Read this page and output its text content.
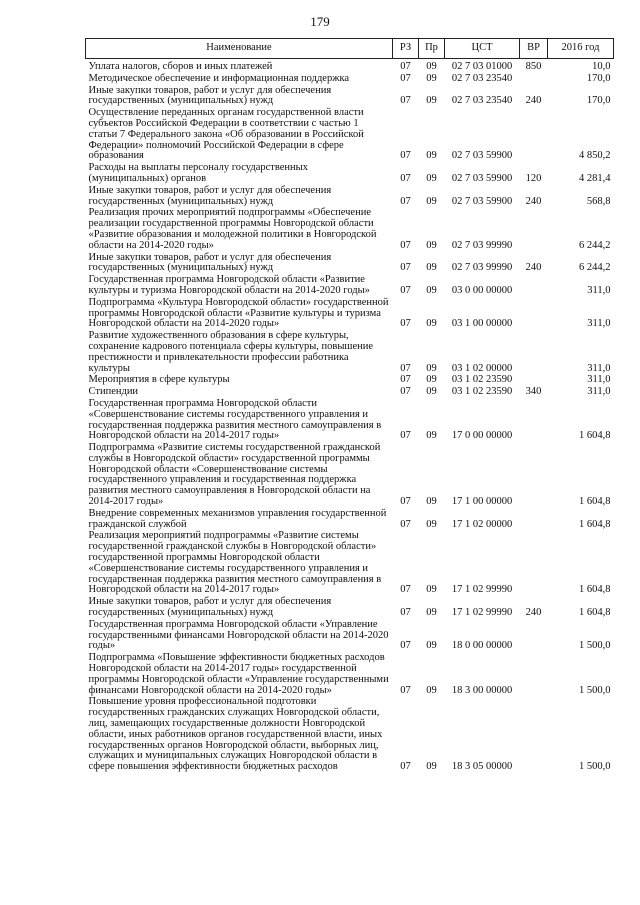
179
Наименование	РЗ	Пр	ЦСТ	ВР	2016 год
Уплата налогов, сборов и иных платежей	07	09	02 7 03 01000	850	10,0
Методическое обеспечение и информационная поддержка	07	09	02 7 03 23540		170,0
Иные закупки товаров, работ и услуг для обеспечения государственных (муниципальных) нужд	07	09	02 7 03 23540	240	170,0
Осуществление переданных органам государственной власти субъектов Российской Федерации в соответствии с частью 1 статьи 7 Федерального закона «Об образовании в Российской Федерации» полномочий Российской Федерации в сфере образования	07	09	02 7 03 59900		4 850,2
Расходы на выплаты персоналу государственных (муниципальных) органов	07	09	02 7 03 59900	120	4 281,4
Иные закупки товаров, работ и услуг для обеспечения государственных (муниципальных) нужд	07	09	02 7 03 59900	240	568,8
Реализация прочих мероприятий подпрограммы «Обеспечение реализации государственной программы Новгородской области «Развитие образования и молодежной политики в Новгородской области на 2014-2020 годы»	07	09	02 7 03 99990		6 244,2
Иные закупки товаров, работ и услуг для обеспечения государственных (муниципальных) нужд	07	09	02 7 03 99990	240	6 244,2
Государственная программа Новгородской области «Развитие культуры и туризма Новгородской области на 2014-2020 годы»	07	09	03 0 00 00000		311,0
Подпрограмма «Культура Новгородской области» государственной программы Новгородской области «Развитие культуры и туризма Новгородской области на 2014-2020 годы»	07	09	03 1 00 00000		311,0
Развитие художественного образования в сфере культуры, сохранение кадрового потенциала сферы культуры, повышение престижности и привлекательности профессии работника культуры	07	09	03 1 02 00000		311,0
Мероприятия в сфере культуры	07	09	03 1 02 23590		311,0
Стипендии	07	09	03 1 02 23590	340	311,0
Государственная программа Новгородской области «Совершенствование системы государственного управления и государственная поддержка развития местного самоуправления в Новгородской области на 2014-2017 годы»	07	09	17 0 00 00000		1 604,8
Подпрограмма «Развитие системы государственной гражданской службы в Новгородской области» государственной программы Новгородской области «Совершенствование системы государственного управления и государственная поддержка развития местного самоуправления в Новгородской области на 2014-2017 годы»	07	09	17 1 00 00000		1 604,8
Внедрение современных механизмов управления государственной гражданской службой	07	09	17 1 02 00000		1 604,8
Реализация мероприятий подпрограммы «Развитие системы государственной гражданской службы в Новгородской области» государственной программы Новгородской области «Совершенствование системы государственного управления и государственная поддержка развития местного самоуправления в Новгородской области на 2014-2017 годы»	07	09	17 1 02 99990		1 604,8
Иные закупки товаров, работ и услуг для обеспечения государственных (муниципальных) нужд	07	09	17 1 02 99990	240	1 604,8
Государственная программа Новгородской области «Управление государственными финансами Новгородской области на 2014-2020 годы»	07	09	18 0 00 00000		1 500,0
Подпрограмма «Повышение эффективности бюджетных расходов Новгородской области на 2014-2017 годы» государственной программы Новгородской области «Управление государственными финансами Новгородской области на 2014-2020 годы»	07	09	18 3 00 00000		1 500,0
Повышение уровня профессиональной подготовки государственных гражданских служащих Новгородской области, лиц, замещающих государственные должности Новгородской области, иных работников органов государственной власти, иных государственных органов Новгородской области, выборных лиц, служащих и муниципальных служащих Новгородской области в сфере повышения эффективности бюджетных расходов	07	09	18 3 05 00000		1 500,0
